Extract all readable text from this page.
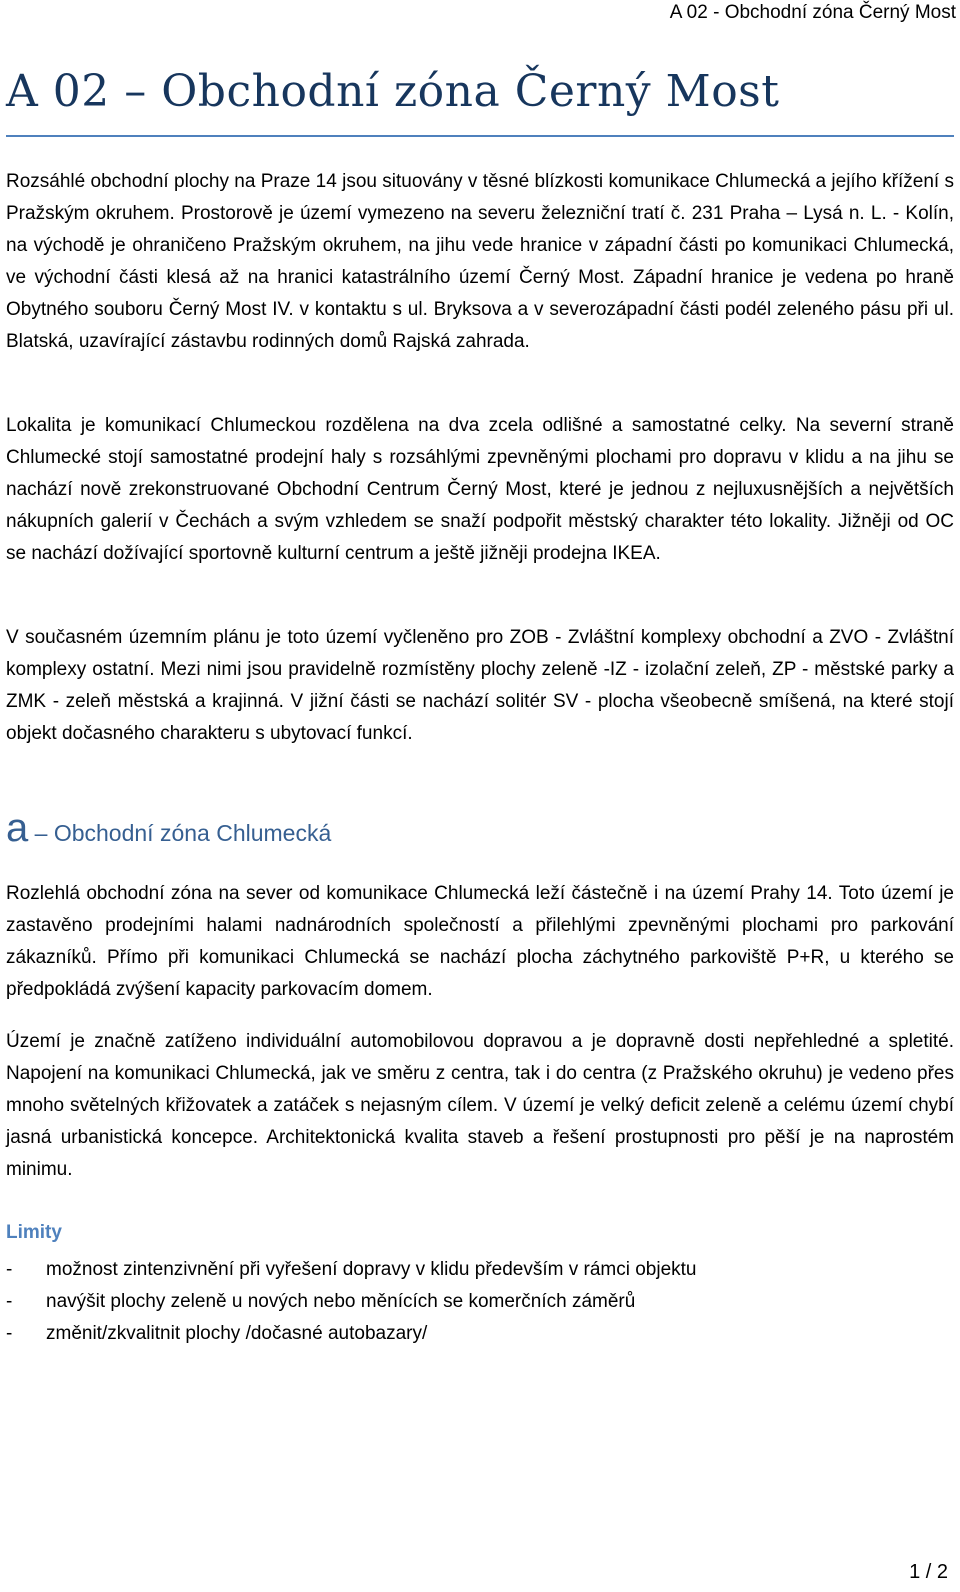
A 02 - Obchodní zóna Černý Most
A 02 – Obchodní zóna Černý Most

Rozsáhlé obchodní plochy na Praze 14 jsou situovány v těsné blízkosti komunikace Chlumecká a jejího křížení s Pražským okruhem. Prostorově je území vymezeno na severu železniční tratí č. 231 Praha – Lysá n. L. - Kolín, na východě je ohraničeno Pražským okruhem, na jihu vede hranice v západní části po komunikaci Chlumecká, ve východní části klesá až na hranici katastrálního území Černý Most. Západní hranice je vedena po hraně Obytného souboru Černý Most IV. v kontaktu s ul. Bryksova a v severozápadní části podél zeleného pásu při ul. Blatská, uzavírající zástavbu rodinných domů Rajská zahrada.

Lokalita je komunikací Chlumeckou rozdělena na dva zcela odlišné a samostatné celky. Na severní straně Chlumecké stojí samostatné prodejní haly s rozsáhlými zpevněnými plochami pro dopravu v klidu a na jihu se nachází nově zrekonstruované Obchodní Centrum Černý Most, které je jednou z nejluxusnějších a největších nákupních galerií v Čechách a svým vzhledem se snaží podpořit městský charakter této lokality. Jižněji od OC se nachází dožívající sportovně kulturní centrum a ještě jižněji prodejna IKEA.

V současném územním plánu je toto území vyčleněno pro ZOB - Zvláštní komplexy obchodní a ZVO - Zvláštní komplexy ostatní. Mezi nimi jsou pravidelně rozmístěny plochy zeleně -IZ - izolační zeleň, ZP - městské parky a ZMK - zeleň městská a krajinná. V jižní části se nachází solitér SV - plocha všeobecně smíšená, na které stojí objekt dočasného charakteru s ubytovací funkcí.

a – Obchodní zóna Chlumecká

Rozlehlá obchodní zóna na sever od komunikace Chlumecká leží částečně i na území Prahy 14. Toto území je zastavěno prodejními halami nadnárodních společností a přilehlými zpevněnými plochami pro parkování zákazníků. Přímo při komunikaci Chlumecká se nachází plocha záchytného parkoviště P+R, u kterého se předpokládá zvýšení kapacity parkovacím domem.

Území je značně zatíženo individuální automobilovou dopravou a je dopravně dosti nepřehledné a spletité. Napojení na komunikaci Chlumecká, jak ve směru z centra, tak i do centra (z Pražského okruhu) je vedeno přes mnoho světelných křižovatek a zatáček s nejasným cílem. V území je velký deficit zeleně a celému území chybí jasná urbanistická koncepce. Architektonická kvalita staveb a řešení prostupnosti pro pěší je na naprostém minimu.

Limity
-	možnost zintenzivnění při vyřešení dopravy v klidu především v rámci objektu
-	navýšit plochy zeleně u nových nebo měnících se komerčních záměrů
-	změnit/zkvalitnit plochy /dočasné autobazary/
1 / 2
